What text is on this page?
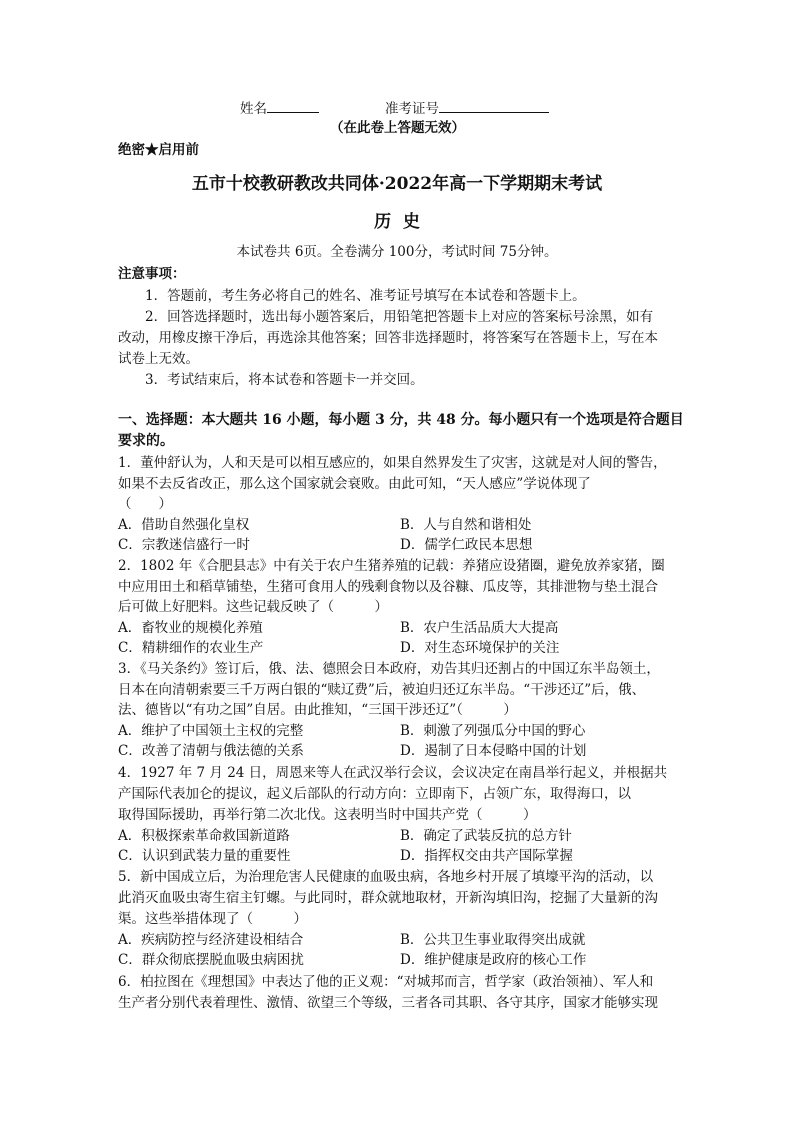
姓名	准考证号
（在此卷上答题无效）
绝密★启用前
五市十校教研教改共同体·2022年高一下学期期末考试
历  史
本试卷共 6页。全卷满分 100分，考试时间 75分钟。
注意事项：
1．答题前，考生务必将自己的姓名、准考证号填写在本试卷和答题卡上。
2．回答选择题时，选出每小题答案后，用铅笔把答题卡上对应的答案标号涂黑，如有
改动，用橡皮擦干净后，再选涂其他答案；回答非选择题时，将答案写在答题卡上，写在本
试卷上无效。
3．考试结束后，将本试卷和答题卡一并交回。
一、选择题：本大题共 16 小题，每小题 3 分，共 48 分。每小题只有一个选项是符合题目
要求的。
1．董仲舒认为，人和天是可以相互感应的，如果自然界发生了灾害，这就是对人间的警告，
如果不去反省改正，那么这个国家就会衰败。由此可知，“天人感应”学说体现了
（　　）
A．借助自然强化皇权	B．人与自然和谐相处
C．宗教迷信盛行一时	D．儒学仁政民本思想
2．1802 年《合肥县志》中有关于农户生猪养殖的记载：养猪应设猪圈，避免放养家猪，圈
中应用田土和稻草铺垫，生猪可食用人的残剩食物以及谷糠、瓜皮等，其排泄物与垫土混合
后可做上好肥料。这些记载反映了（　　　）
A．畜牧业的规模化养殖	B．农户生活品质大大提高
C．精耕细作的农业生产	D．对生态环境保护的关注
3．《马关条约》签订后，俄、法、德照会日本政府，劝告其归还割占的中国辽东半岛领土，
日本在向清朝索要三千万两白银的“赎辽费”后，被迫归还辽东半岛。“干涉还辽”后，俄、
法、德皆以“有功之国”自居。由此推知，“三国干涉还辽”（　　　）
A．维护了中国领土主权的完整	B．刺激了列强瓜分中国的野心
C．改善了清朝与俄法德的关系	D．遏制了日本侵略中国的计划
4．1927 年 7 月 24 日，周恩来等人在武汉举行会议，会议决定在南昌举行起义，并根据共
产国际代表加仑的提议，起义后部队的行动方向：立即南下，占领广东，取得海口，以
取得国际援助，再举行第二次北伐。这表明当时中国共产党（　　　）
A．积极探索革命救国新道路	B．确定了武装反抗的总方针
C．认识到武装力量的重要性	D．指挥权交由共产国际掌握
5．新中国成立后，为治理危害人民健康的血吸虫病，各地乡村开展了填壕平沟的活动，以
此消灭血吸虫寄生宿主钉螺。与此同时，群众就地取材，开新沟填旧沟，挖掘了大量新的沟
渠。这些举措体现了（　　　）
A．疾病防控与经济建设相结合	B．公共卫生事业取得突出成就
C．群众彻底摆脱血吸虫病困扰	D．维护健康是政府的核心工作
6．柏拉图在《理想国》中表达了他的正义观：“对城邦而言，哲学家（政治领袖）、军人和
生产者分别代表着理性、激情、欲望三个等级，三者各司其职、各守其序，国家才能够实现
